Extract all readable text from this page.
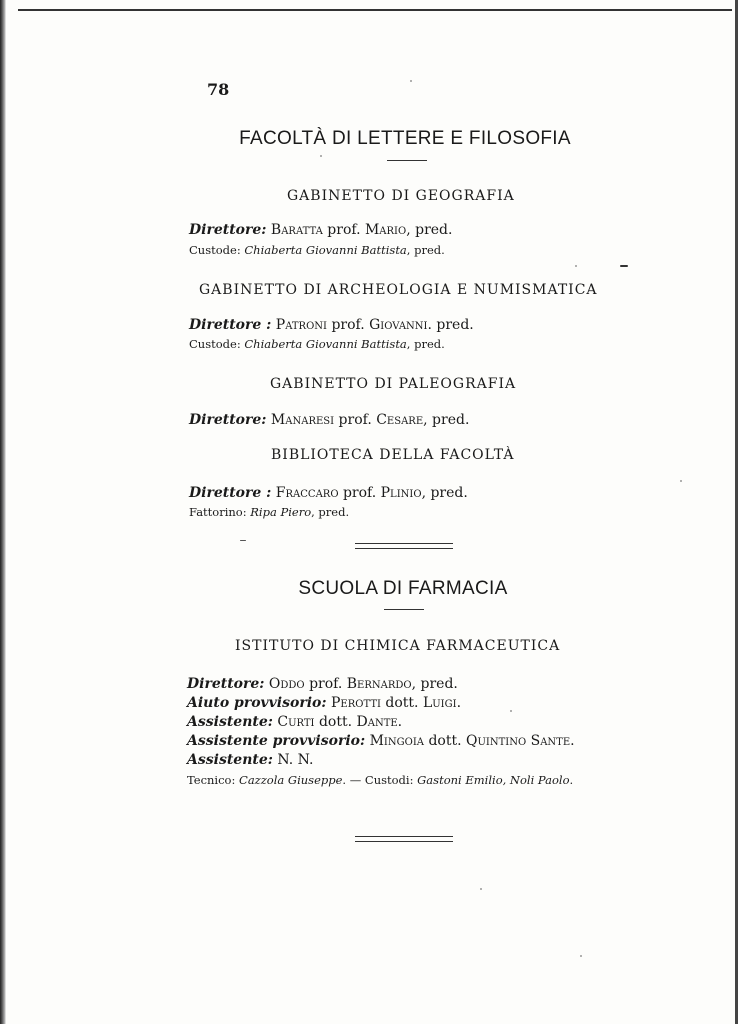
78
FACOLTÀ DI LETTERE E FILOSOFIA
GABINETTO DI GEOGRAFIA
Direttore: Baratta prof. Mario, pred.
Custode: Chiaberta Giovanni Battista, pred.
GABINETTO DI ARCHEOLOGIA E NUMISMATICA
Direttore : Patroni prof. Giovanni. pred.
Custode: Chiaberta Giovanni Battista, pred.
GABINETTO DI PALEOGRAFIA
Direttore: Manaresi prof. Cesare, pred.
BIBLIOTECA DELLA FACOLTÀ
Direttore : Fraccaro prof. Plinio, pred.
Fattorino: Ripa Piero, pred.
SCUOLA DI FARMACIA
ISTITUTO DI CHIMICA FARMACEUTICA
Direttore: Oddo prof. Bernardo, pred.
Aiuto provvisorio: Perotti dott. Luigi.
Assistente: Curti dott. Dante.
Assistente provvisorio: Mingoia dott. Quintino Sante.
Assistente: N. N.
Tecnico: Cazzola Giuseppe. — Custodi: Gastoni Emilio, Noli Paolo.
